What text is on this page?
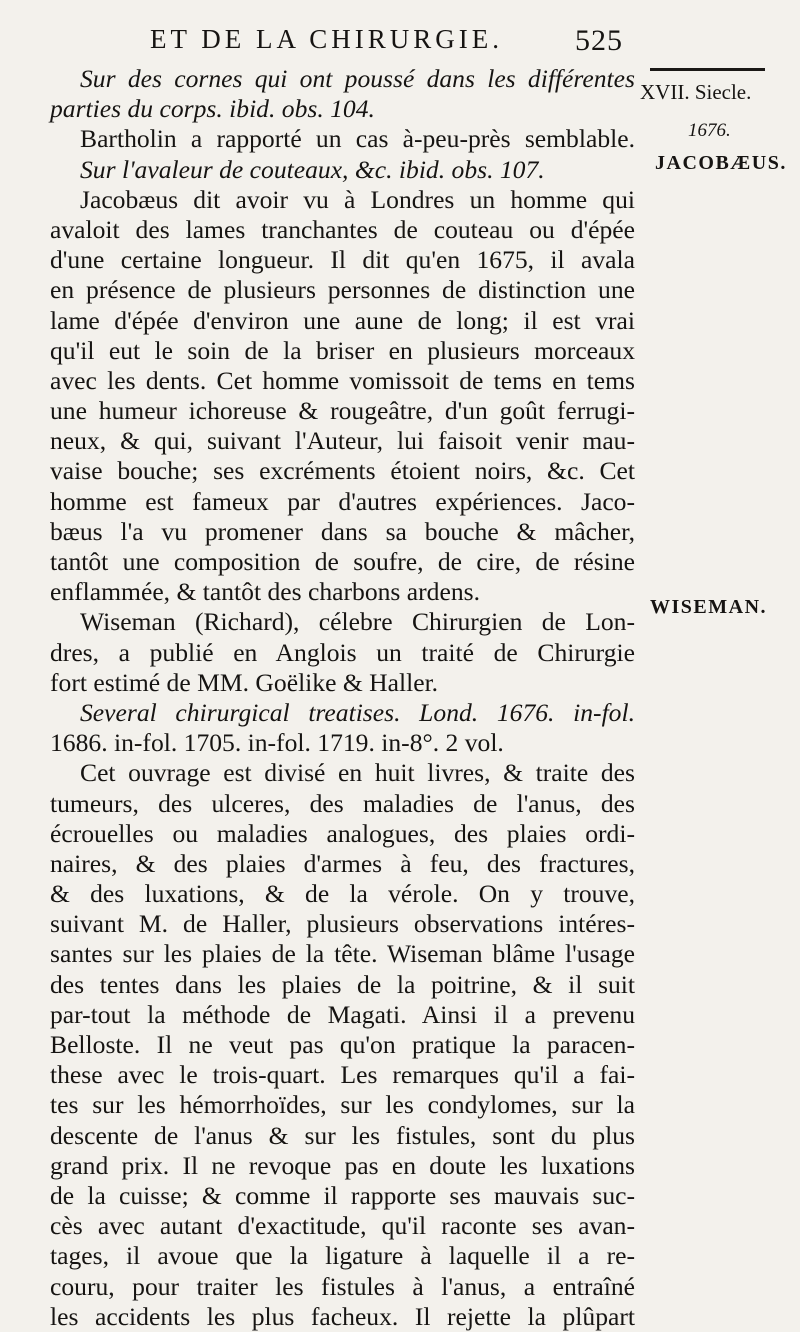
ET DE LA CHIRURGIE.	525
XVII. Siecle.
1676.
JACOBÆUS.
WISEMAN.
Sur des cornes qui ont poussé dans les différentes
parties du corps. ibid. obs. 104.
Bartholin a rapporté un cas à-peu-près semblable.
Sur l'avaleur de couteaux, &c. ibid. obs. 107.
Jacobæus dit avoir vu à Londres un homme qui
avaloit des lames tranchantes de couteau ou d'épée
d'une certaine longueur. Il dit qu'en 1675, il avala
en présence de plusieurs personnes de distinction une
lame d'épée d'environ une aune de long; il est vrai
qu'il eut le soin de la briser en plusieurs morceaux
avec les dents. Cet homme vomissoit de tems en tems
une humeur ichoreuse & rougeâtre, d'un goût ferrugi-
neux, & qui, suivant l'Auteur, lui faisoit venir mau-
vaise bouche; ses excréments étoient noirs, &c. Cet
homme est fameux par d'autres expériences. Jaco-
bæus l'a vu promener dans sa bouche & mâcher,
tantôt une composition de soufre, de cire, de résine
enflammée, & tantôt des charbons ardens.
Wiseman (Richard), célebre Chirurgien de Lon-
dres, a publié en Anglois un traité de Chirurgie
fort estimé de MM. Goëlike & Haller.
Several chirurgical treatises. Lond. 1676. in-fol.
1686. in-fol. 1705. in-fol. 1719. in-8°. 2 vol.
Cet ouvrage est divisé en huit livres, & traite des
tumeurs, des ulceres, des maladies de l'anus, des
écrouelles ou maladies analogues, des plaies ordi-
naires, & des plaies d'armes à feu, des fractures,
& des luxations, & de la vérole. On y trouve,
suivant M. de Haller, plusieurs observations intéres-
santes sur les plaies de la tête. Wiseman blâme l'usage
des tentes dans les plaies de la poitrine, & il suit
par-tout la méthode de Magati. Ainsi il a prevenu
Belloste. Il ne veut pas qu'on pratique la paracen-
these avec le trois-quart. Les remarques qu'il a fai-
tes sur les hémorrhoïdes, sur les condylomes, sur la
descente de l'anus & sur les fistules, sont du plus
grand prix. Il ne revoque pas en doute les luxations
de la cuisse; & comme il rapporte ses mauvais suc-
cès avec autant d'exactitude, qu'il raconte ses avan-
tages, il avoue que la ligature à laquelle il a re-
couru, pour traiter les fistules à l'anus, a entraîné
les accidents les plus facheux. Il rejette la plûpart
